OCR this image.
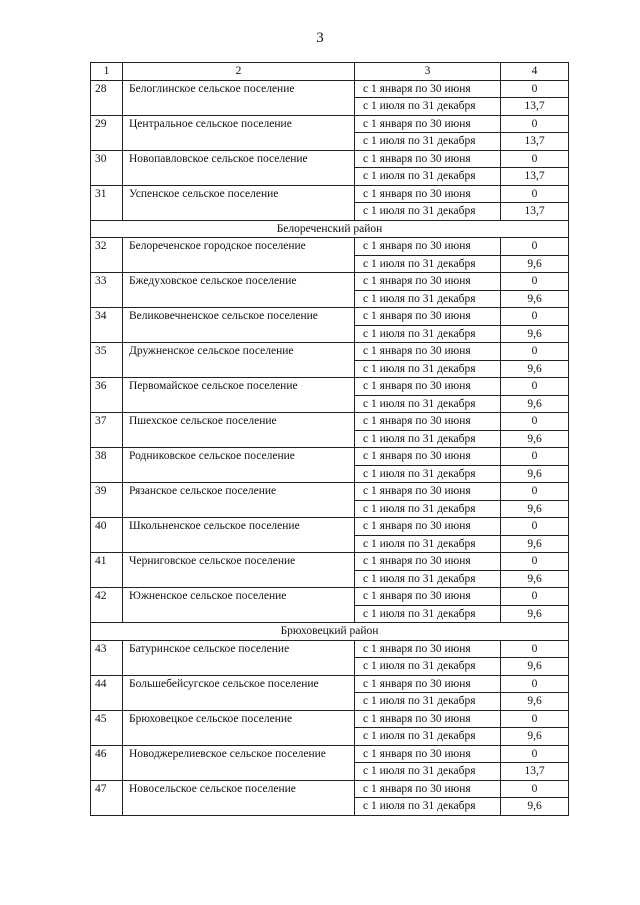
3
1	2	3	4
28	Белоглинское сельское поселение	с 1 января по 30 июня	0
		с 1 июля по 31 декабря	13,7
29	Центральное сельское поселение	с 1 января по 30 июня	0
		с 1 июля по 31 декабря	13,7
30	Новопавловское сельское поселение	с 1 января по 30 июня	0
		с 1 июля по 31 декабря	13,7
31	Успенское сельское поселение	с 1 января по 30 июня	0
		с 1 июля по 31 декабря	13,7
Белореченский район			
32	Белореченское городское поселение	с 1 января по 30 июня	0
		с 1 июля по 31 декабря	9,6
33	Бжедуховское сельское поселение	с 1 января по 30 июня	0
		с 1 июля по 31 декабря	9,6
34	Великовечненское сельское поселение	с 1 января по 30 июня	0
		с 1 июля по 31 декабря	9,6
35	Дружненское сельское поселение	с 1 января по 30 июня	0
		с 1 июля по 31 декабря	9,6
36	Первомайское сельское поселение	с 1 января по 30 июня	0
		с 1 июля по 31 декабря	9,6
37	Пшехское сельское поселение	с 1 января по 30 июня	0
		с 1 июля по 31 декабря	9,6
38	Родниковское сельское поселение	с 1 января по 30 июня	0
		с 1 июля по 31 декабря	9,6
39	Рязанское сельское поселение	с 1 января по 30 июня	0
		с 1 июля по 31 декабря	9,6
40	Школьненское сельское поселение	с 1 января по 30 июня	0
		с 1 июля по 31 декабря	9,6
41	Черниговское сельское поселение	с 1 января по 30 июня	0
		с 1 июля по 31 декабря	9,6
42	Южненское сельское поселение	с 1 января по 30 июня	0
		с 1 июля по 31 декабря	9,6
Брюховецкий район			
43	Батуринское сельское поселение	с 1 января по 30 июня	0
		с 1 июля по 31 декабря	9,6
44	Большебейсугское сельское поселение	с 1 января по 30 июня	0
		с 1 июля по 31 декабря	9,6
45	Брюховецкое сельское поселение	с 1 января по 30 июня	0
		с 1 июля по 31 декабря	9,6
46	Новоджерелиевское сельское поселение	с 1 января по 30 июня	0
		с 1 июля по 31 декабря	13,7
47	Новосельское сельское поселение	с 1 января по 30 июня	0
		с 1 июля по 31 декабря	9,6
